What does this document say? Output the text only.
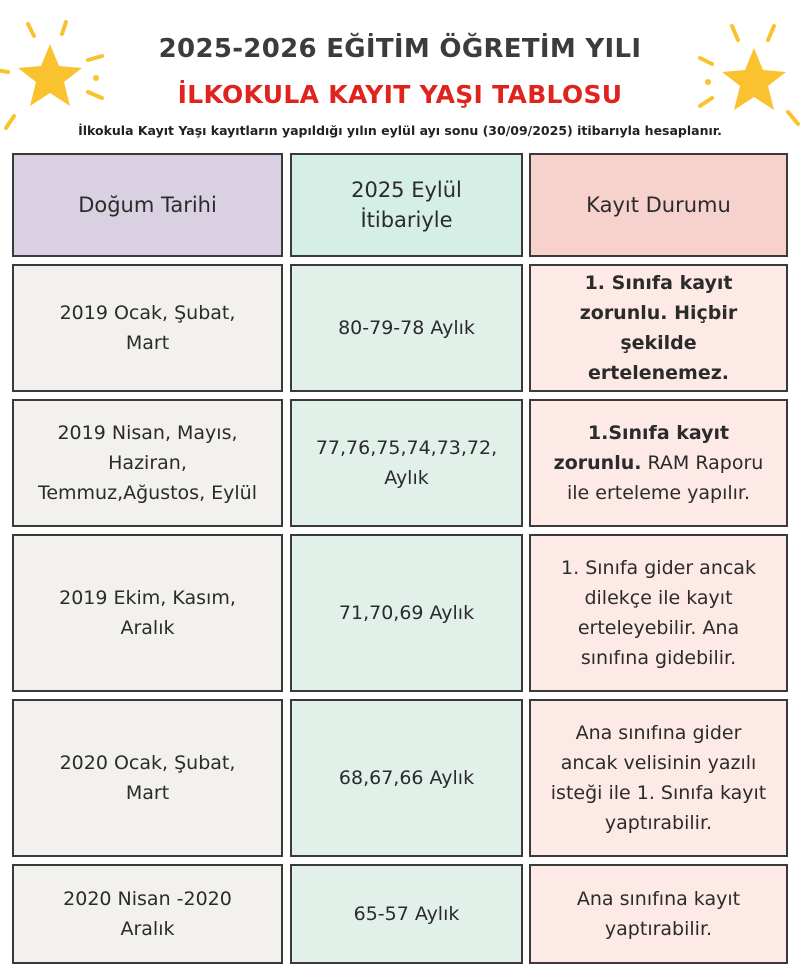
2025-2026 EĞİTİM ÖĞRETİM YILI
İLKOKULA KAYIT YAŞI TABLOSU
İlkokula Kayıt Yaşı kayıtların yapıldığı yılın eylül ayı sonu (30/09/2025) itibarıyla hesaplanır.
Doğum Tarihi
2025 Eylül İtibariyle
Kayıt Durumu
2019 Ocak, Şubat, Mart
80-79-78 Aylık
1. Sınıfa kayıt zorunlu. Hiçbir şekilde ertelenemez.
2019 Nisan, Mayıs, Haziran, Temmuz,Ağustos, Eylül
77,76,75,74,73,72, Aylık
1.Sınıfa kayıt zorunlu. RAM Raporu ile erteleme yapılır.
2019 Ekim, Kasım, Aralık
71,70,69 Aylık
1. Sınıfa gider ancak dilekçe ile kayıt erteleyebilir. Ana sınıfına gidebilir.
2020 Ocak, Şubat, Mart
68,67,66 Aylık
Ana sınıfına gider ancak velisinin yazılı isteği ile 1. Sınıfa kayıt yaptırabilir.
2020 Nisan -2020 Aralık
65-57 Aylık
Ana sınıfına kayıt yaptırabilir.
